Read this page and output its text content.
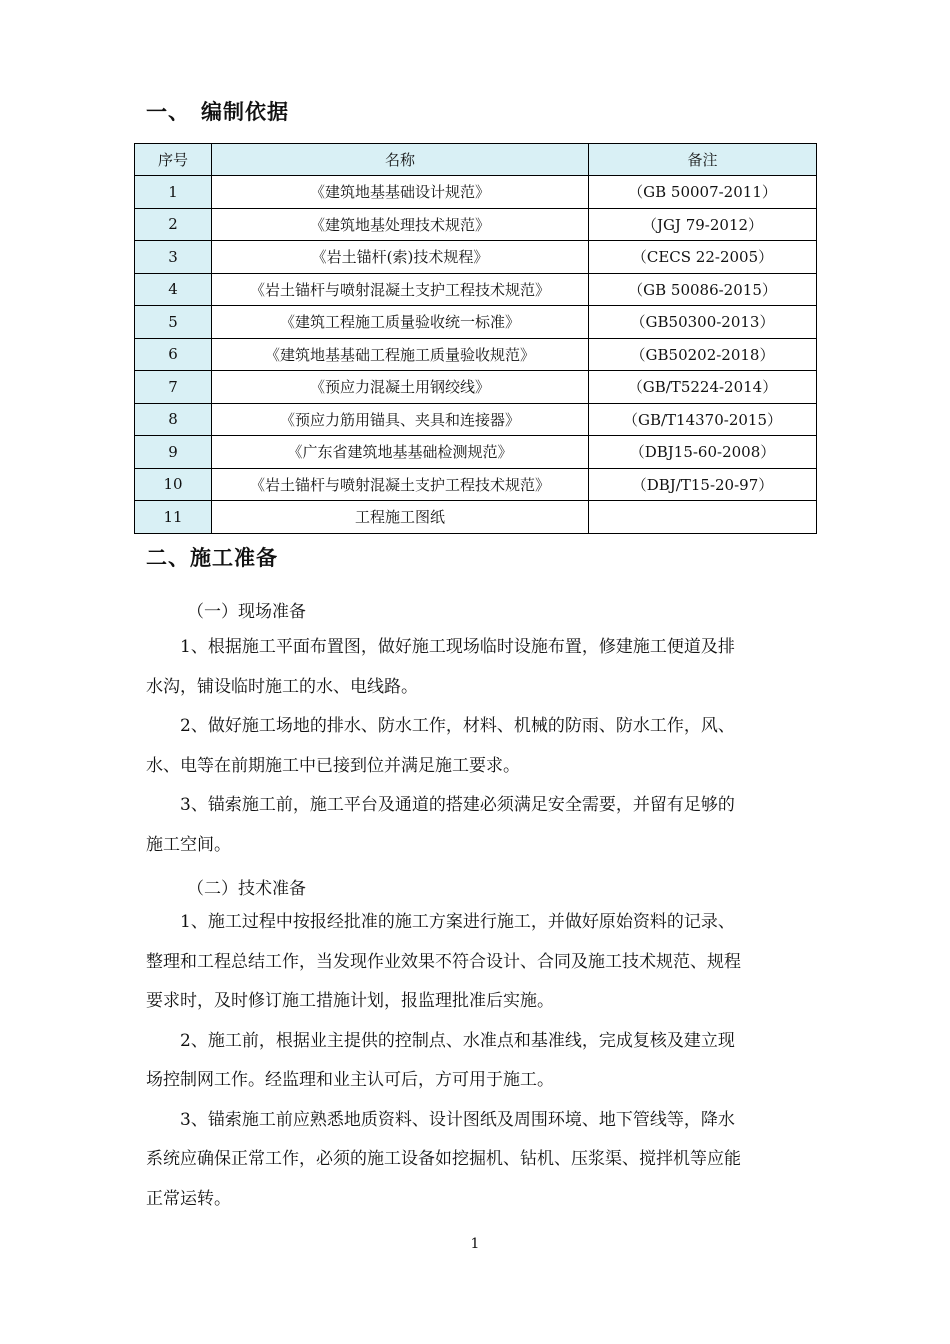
一、 编制依据
序号	名称	备注
1	《建筑地基基础设计规范》	（GB 50007-2011）
2	《建筑地基处理技术规范》	（JGJ 79-2012）
3	《岩土锚杆(索)技术规程》	（CECS 22-2005）
4	《岩土锚杆与喷射混凝土支护工程技术规范》	（GB 50086-2015）
5	《建筑工程施工质量验收统一标准》	（GB50300-2013）
6	《建筑地基基础工程施工质量验收规范》	（GB50202-2018）
7	《预应力混凝土用钢绞线》	（GB/T5224-2014）
8	《预应力筋用锚具、夹具和连接器》	（GB/T14370-2015）
9	《广东省建筑地基基础检测规范》	（DBJ15-60-2008）
10	《岩土锚杆与喷射混凝土支护工程技术规范》	（DBJ/T15-20-97）
11	工程施工图纸	
二、施工准备
（一）现场准备
　　1、根据施工平面布置图，做好施工现场临时设施布置，修建施工便道及排
水沟，铺设临时施工的水、电线路。
　　2、做好施工场地的排水、防水工作，材料、机械的防雨、防水工作，风、
水、电等在前期施工中已接到位并满足施工要求。
　　3、锚索施工前，施工平台及通道的搭建必须满足安全需要，并留有足够的
施工空间。
（二）技术准备
　　1、施工过程中按报经批准的施工方案进行施工，并做好原始资料的记录、
整理和工程总结工作，当发现作业效果不符合设计、合同及施工技术规范、规程
要求时，及时修订施工措施计划，报监理批准后实施。
　　2、施工前，根据业主提供的控制点、水准点和基准线，完成复核及建立现
场控制网工作。经监理和业主认可后，方可用于施工。
　　3、锚索施工前应熟悉地质资料、设计图纸及周围环境、地下管线等，降水
系统应确保正常工作，必须的施工设备如挖掘机、钻机、压浆渠、搅拌机等应能
正常运转。
1
